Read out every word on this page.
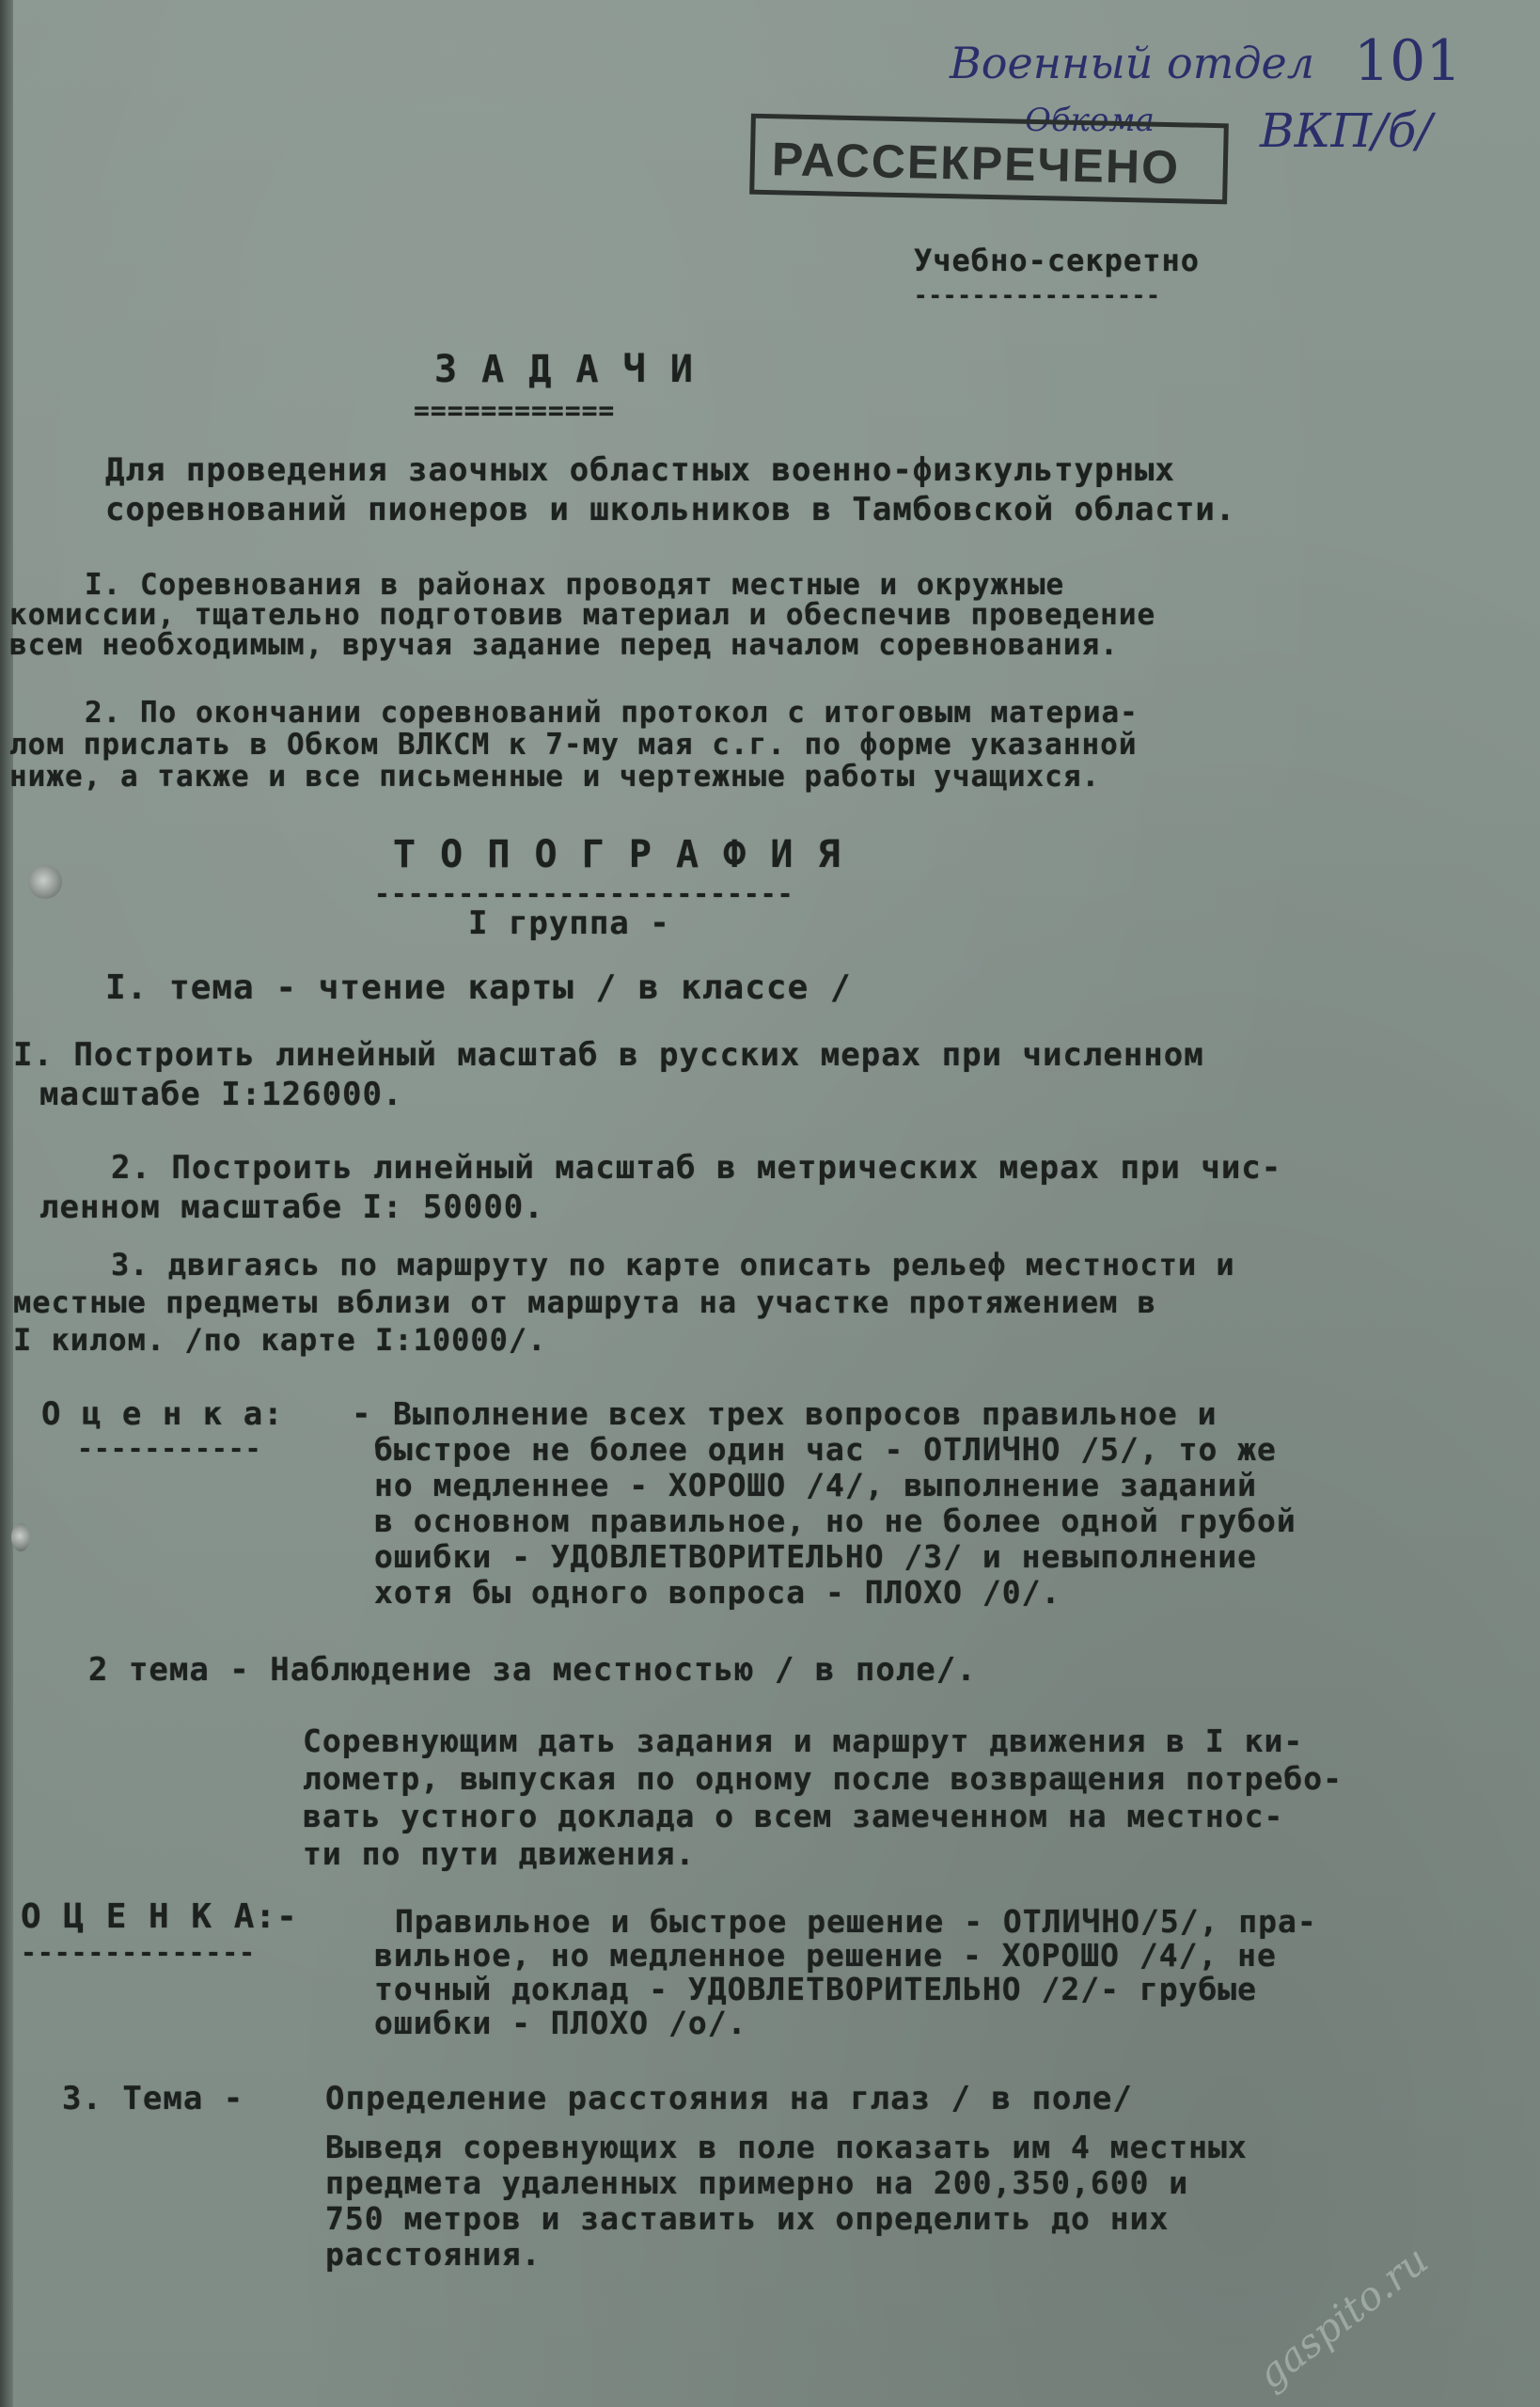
Военный отдел 101
Обкома ВКП/б/
РАССЕКРЕЧЕНО
Учебно-секретно
-----------------
З А Д А Ч И
============
Для проведения заочных областных военно-физкультурных
соревнований пионеров и школьников в Тамбовской области.
I. Соревнования в районах проводят местные и окружные
комиссии, тщательно подготовив материал и обеспечив проведение
всем необходимым, вручая задание перед началом соревнования.
2. По окончании соревнований протокол с итоговым материа-
лом прислать в Обком ВЛКСМ к 7-му мая с.г. по форме указанной
ниже, а также и все письменные и чертежные работы учащихся.
Т О П О Г Р А Ф И Я
-------------------------
I группа -
I. тема - чтение карты / в классе /
I. Построить линейный масштаб в русских мерах при численном
масштабе I:126000.
2. Построить линейный масштаб в метрических мерах при чис-
ленном масштабе I: 50000.
3. двигаясь по маршруту по карте описать рельеф местности и
местные предметы вблизи от маршрута на участке протяжением в
I килом. /по карте I:10000/.
О ц е н к а:
-----------
- Выполнение всех трех вопросов правильное и
быстрое не более один час - ОТЛИЧНО /5/, то же
но медленнее - ХОРОШО /4/, выполнение заданий
в основном правильное, но не более одной грубой
ошибки - УДОВЛЕТВОРИТЕЛЬНО /3/ и невыполнение
хотя бы одного вопроса - ПЛОХО /0/.
2 тема - Наблюдение за местностью / в поле/.
Соревнующим дать задания и маршрут движения в I ки-
лометр, выпуская по одному после возвращения потребо-
вать устного доклада о всем замеченном на местнос-
ти по пути движения.
О Ц Е Н К А:-
--------------
Правильное и быстрое решение - ОТЛИЧНО/5/, пра-
вильное, но медленное решение - ХОРОШО /4/, не
точный доклад - УДОВЛЕТВОРИТЕЛЬНО /2/- грубые
ошибки - ПЛОХО /о/.
3. Тема -	Определение расстояния на глаз / в поле/
Выведя соревнующих в поле показать им 4 местных
предмета удаленных примерно на 200,350,600 и
750 метров и заставить их определить до них
расстояния.	gaspito.ru
